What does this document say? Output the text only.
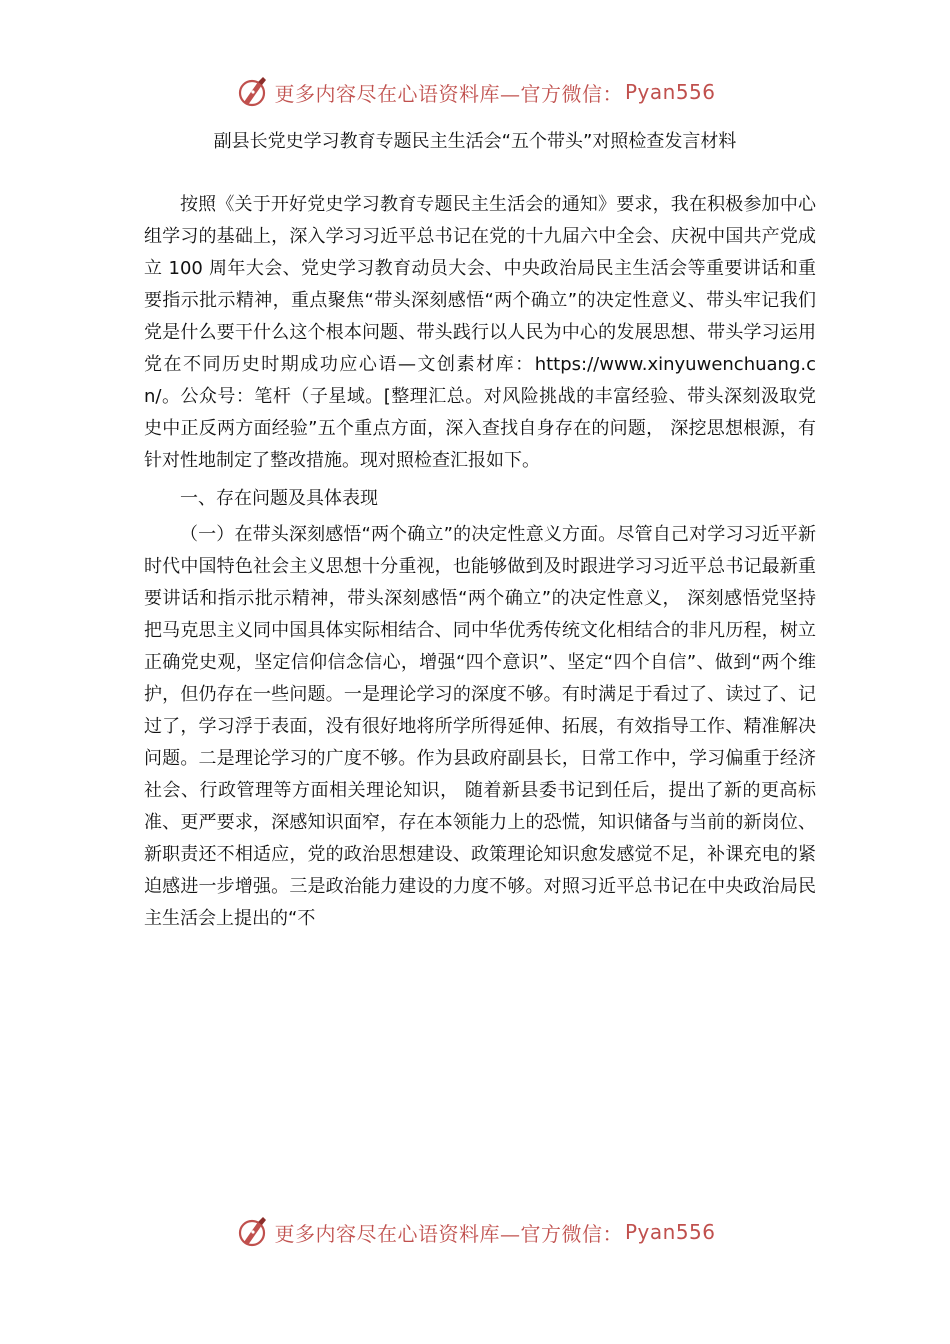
更多内容尽在心语资料库—官方微信： Pyan556
副县长党史学习教育专题民主生活会“五个带头”对照检查发言材料

按照《关于开好党史学习教育专题民主生活会的通知》要求，我在积极参加中心组学习的基础上，深入学习习近平总书记在党的十九届六中全会、庆祝中国共产党成立 100 周年大会、党史学习教育动员大会、中央政治局民主生活会等重要讲话和重要指示批示精神，重点聚焦“带头深刻感悟“两个确立”的决定性意义、带头牢记我们党是什么要干什么这个根本问题、带头践行以人民为中心的发展思想、带头学习运用党在不同历史时期成功应心语—文创素材库：https://www.xinyuwenchuang.cn/。公众号：笔杆（子星域。[整理汇总。对风险挑战的丰富经验、带头深刻汲取党史中正反两方面经验”五个重点方面，深入查找自身存在的问题， 深挖思想根源，有针对性地制定了整改措施。现对照检查汇报如下。

一、存在问题及具体表现

（一）在带头深刻感悟“两个确立”的决定性意义方面。尽管自己对学习习近平新时代中国特色社会主义思想十分重视，也能够做到及时跟进学习习近平总书记最新重要讲话和指示批示精神，带头深刻感悟“两个确立”的决定性意义， 深刻感悟党坚持把马克思主义同中国具体实际相结合、同中华优秀传统文化相结合的非凡历程，树立正确党史观，坚定信仰信念信心，增强“四个意识”、坚定“四个自信”、做到“两个维护，但仍存在一些问题。一是理论学习的深度不够。有时满足于看过了、读过了、记过了，学习浮于表面，没有很好地将所学所得延伸、拓展，有效指导工作、精准解决问题。二是理论学习的广度不够。作为县政府副县长，日常工作中，学习偏重于经济社会、行政管理等方面相关理论知识， 随着新县委书记到任后，提出了新的更高标准、更严要求，深感知识面窄，存在本领能力上的恐慌，知识储备与当前的新岗位、新职责还不相适应，党的政治思想建设、政策理论知识愈发感觉不足，补课充电的紧迫感进一步增强。三是政治能力建设的力度不够。对照习近平总书记在中央政治局民主生活会上提出的“不

更多内容尽在心语资料库—官方微信： Pyan556
